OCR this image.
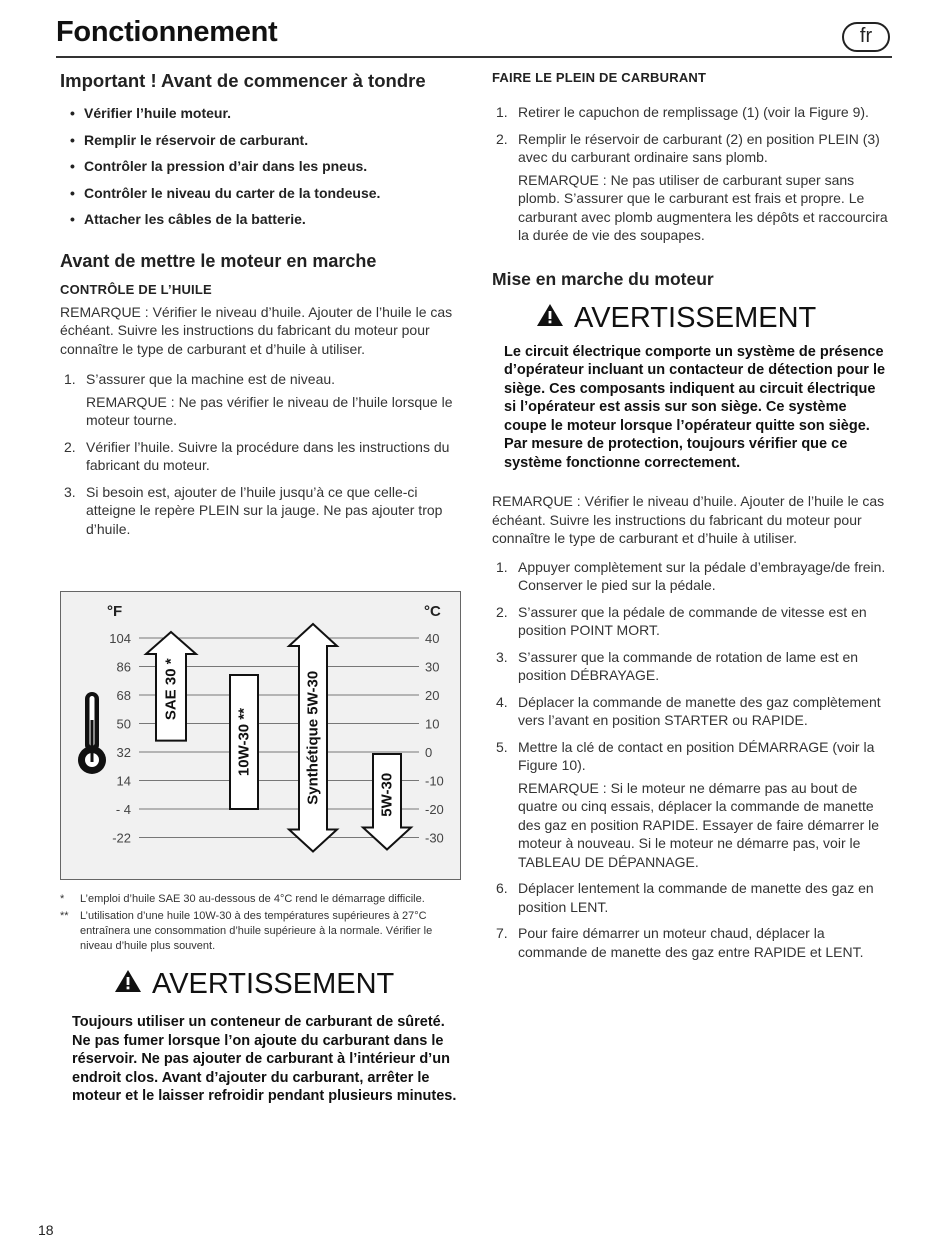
Fonctionnement	fr
Important ! Avant de commencer à tondre
• Vérifier l’huile moteur.
• Remplir le réservoir de carburant.
• Contrôler la pression d’air dans les pneus.
• Contrôler le niveau du carter de la tondeuse.
• Attacher les câbles de la batterie.
Avant de mettre le moteur en marche
CONTRÔLE DE L’HUILE

REMARQUE : Vérifier le niveau d’huile. Ajouter de l’huile le cas échéant. Suivre les instructions du fabricant du moteur pour connaître le type de carburant et d’huile à utiliser.

1. S’assurer que la machine est de niveau.
REMARQUE : Ne pas vérifier le niveau de l’huile lorsque le moteur tourne.
2. Vérifier l’huile. Suivre la procédure dans les instructions du fabricant du moteur.
3. Si besoin est, ajouter de l’huile jusqu’à ce que celle-ci atteigne le repère PLEIN sur la jauge. Ne pas ajouter trop d’huile.
°F	°C
104	40
86	30
68	20
50	10
32	0
14	-10
- 4	-20
-22	-30
SAE 30 *
10W-30 **	Synthétique 5W-30	5W-30

* L’emploi d’huile SAE 30 au-dessous de 4°C rend le démarrage difficile.

** L’utilisation d’une huile 10W-30 à des températures supérieures à 27°C entraînera une consommation d’huile supérieure à la normale. Vérifier le niveau d’huile plus souvent.

AVERTISSEMENT

Toujours utiliser un conteneur de carburant de sûreté. Ne pas fumer lorsque l’on ajoute du carburant dans le réservoir. Ne pas ajouter de carburant à l’intérieur d’un endroit clos. Avant d’ajouter du carburant, arrêter le moteur et le laisser refroidir pendant plusieurs minutes.

FAIRE LE PLEIN DE CARBURANT
1. Retirer le capuchon de remplissage (1) (voir la Figure 9).
2. Remplir le réservoir de carburant (2) en position PLEIN (3) avec du carburant ordinaire sans plomb.
REMARQUE : Ne pas utiliser de carburant super sans plomb. S’assurer que le carburant est frais et propre. Le carburant avec plomb augmentera les dépôts et raccourcira la durée de vie des soupapes.
Mise en marche du moteur
AVERTISSEMENT

Le circuit électrique comporte un système de présence d’opérateur incluant un contacteur de détection pour le siège. Ces composants indiquent au circuit électrique si l’opérateur est assis sur son siège. Ce système coupe le moteur lorsque l’opérateur quitte son siège. Par mesure de protection, toujours vérifier que ce système fonctionne correctement.

REMARQUE : Vérifier le niveau d’huile. Ajouter de l’huile le cas échéant. Suivre les instructions du fabricant du moteur pour connaître le type de carburant et d’huile à utiliser.

1. Appuyer complètement sur la pédale d’embrayage/de frein. Conserver le pied sur la pédale.
2. S’assurer que la pédale de commande de vitesse est en position POINT MORT.
3. S’assurer que la commande de rotation de lame est en position DÉBRAYAGE.
4. Déplacer la commande de manette des gaz complètement vers l’avant en position STARTER ou RAPIDE.
5. Mettre la clé de contact en position DÉMARRAGE (voir la Figure 10).
REMARQUE : Si le moteur ne démarre pas au bout de quatre ou cinq essais, déplacer la commande de manette des gaz en position RAPIDE. Essayer de faire démarrer le moteur à nouveau. Si le moteur ne démarre pas, voir le TABLEAU DE DÉPANNAGE.
6. Déplacer lentement la commande de manette des gaz en position LENT.
7. Pour faire démarrer un moteur chaud, déplacer la commande de manette des gaz entre RAPIDE et LENT.
18
